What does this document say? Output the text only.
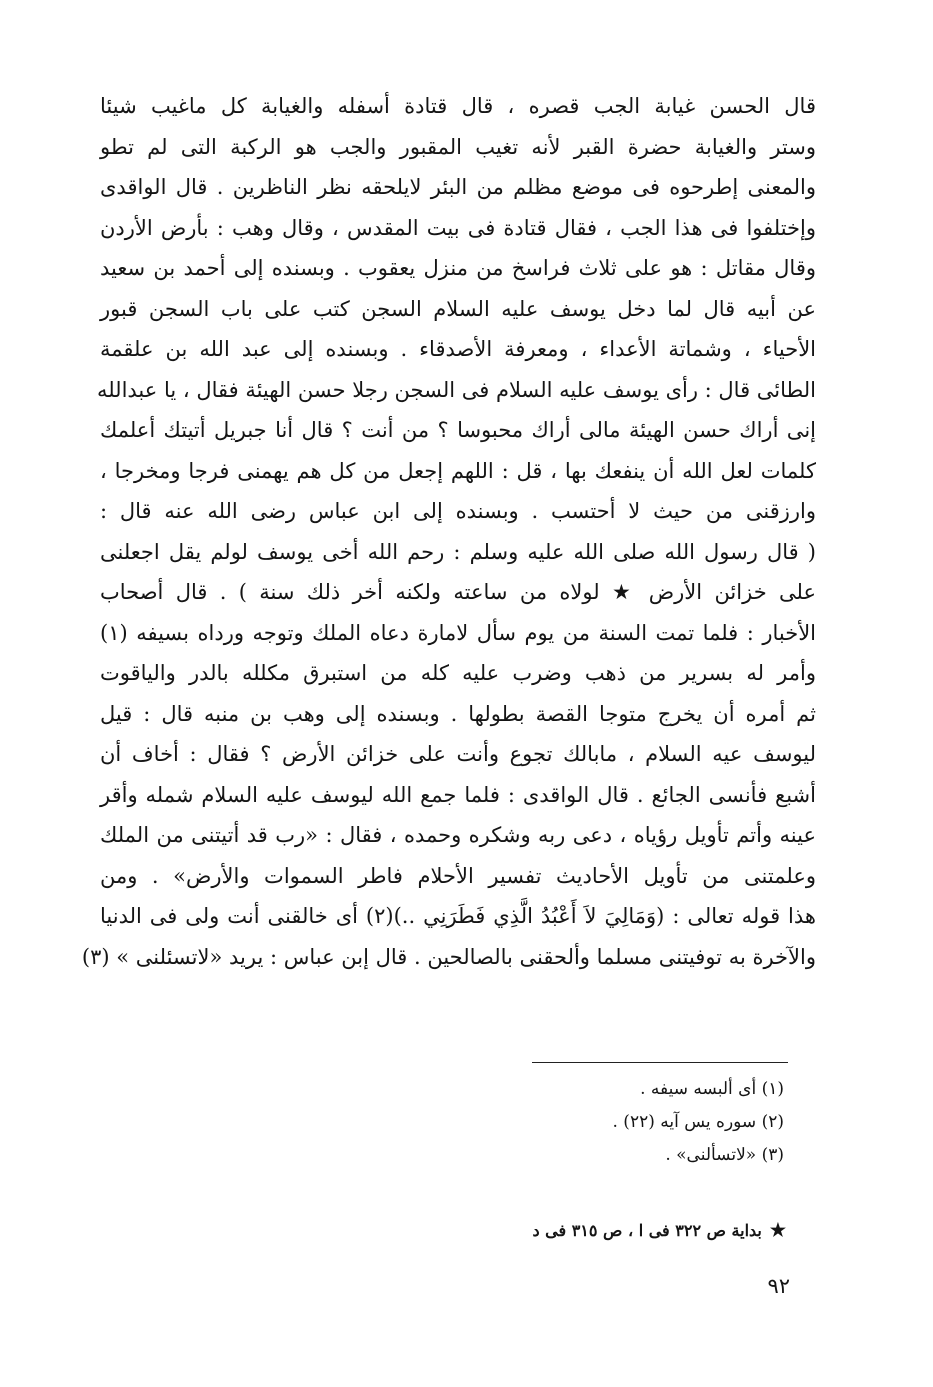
قال الحسن غيابة الجب قصره ، قال قتادة أسفله والغيابة كل ماغيب شيئا
وستر والغيابة حضرة القبر لأنه تغيب المقبور والجب هو الركبة التى لم تطو
والمعنى إطرحوه فى موضع مظلم من البئر لايلحقه نظر الناظرين . قال الواقدى
وإختلفوا فى هذا الجب ، فقال قتادة فى بيت المقدس ، وقال وهب : بأرض الأردن
وقال مقاتل : هو على ثلاث فراسخ من منزل يعقوب . وبسنده إلى أحمد بن سعيد
عن أبيه قال لما دخل يوسف عليه السلام السجن كتب على باب السجن قبور
الأحياء ، وشماتة الأعداء ، ومعرفة الأصدقاء . وبسنده إلى عبد الله بن علقمة
الطائى قال : رأى يوسف عليه السلام فى السجن رجلا حسن الهيئة فقال ، يا عبدالله
إنى أراك حسن الهيئة مالى أراك محبوسا ؟ من أنت ؟ قال أنا جبريل أتيتك أعلمك
كلمات لعل الله أن ينفعك بها ، قل : اللهم إجعل من كل هم يهمنى فرجا ومخرجا ،
وارزقنى من حيث لا أحتسب . وبسنده إلى ابن عباس رضى الله عنه قال :
( قال رسول الله صلى الله عليه وسلم : رحم الله أخى يوسف لولم يقل اجعلنى
على خزائن الأرض ★ لولاه من ساعته ولكنه أخر ذلك سنة ) . قال أصحاب
الأخبار : فلما تمت السنة من يوم سأل لامارة دعاه الملك وتوجه ورداه بسيفه (١)
وأمر له بسرير من ذهب وضرب عليه كله من استبرق مكلله بالدر والياقوت
ثم أمره أن يخرج متوجا القصة بطولها . وبسنده إلى وهب بن منبه قال : قيل
ليوسف عيه السلام ، مابالك تجوع وأنت على خزائن الأرض ؟ فقال : أخاف أن
أشبع فأنسى الجائع . قال الواقدى : فلما جمع الله ليوسف عليه السلام شمله وأقر
عينه وأتم تأويل رؤياه ، دعى ربه وشكره وحمده ، فقال : «رب قد أتيتنى من الملك
وعلمتنى من تأويل الأحاديث تفسير الأحلام فاطر السموات والأرض» . ومن
هذا قوله تعالى : (وَمَالِيَ لاَ أَعْبُدُ الَّذِي فَطَرَنِي ..)(٢) أى خالقنى أنت ولى فى الدنيا
والآخرة به توفيتنى مسلما وألحقنى بالصالحين . قال إبن عباس : يريد «لاتسئلنى » (٣)
(١) أى ألبسه سيفه .
(٢) سوره يس آيه (٢٢) .
(٣) «لاتسألنى» .
★بداية ص ٣٢٢ فى ا ، ص ٣١٥ فى د
٩٢
